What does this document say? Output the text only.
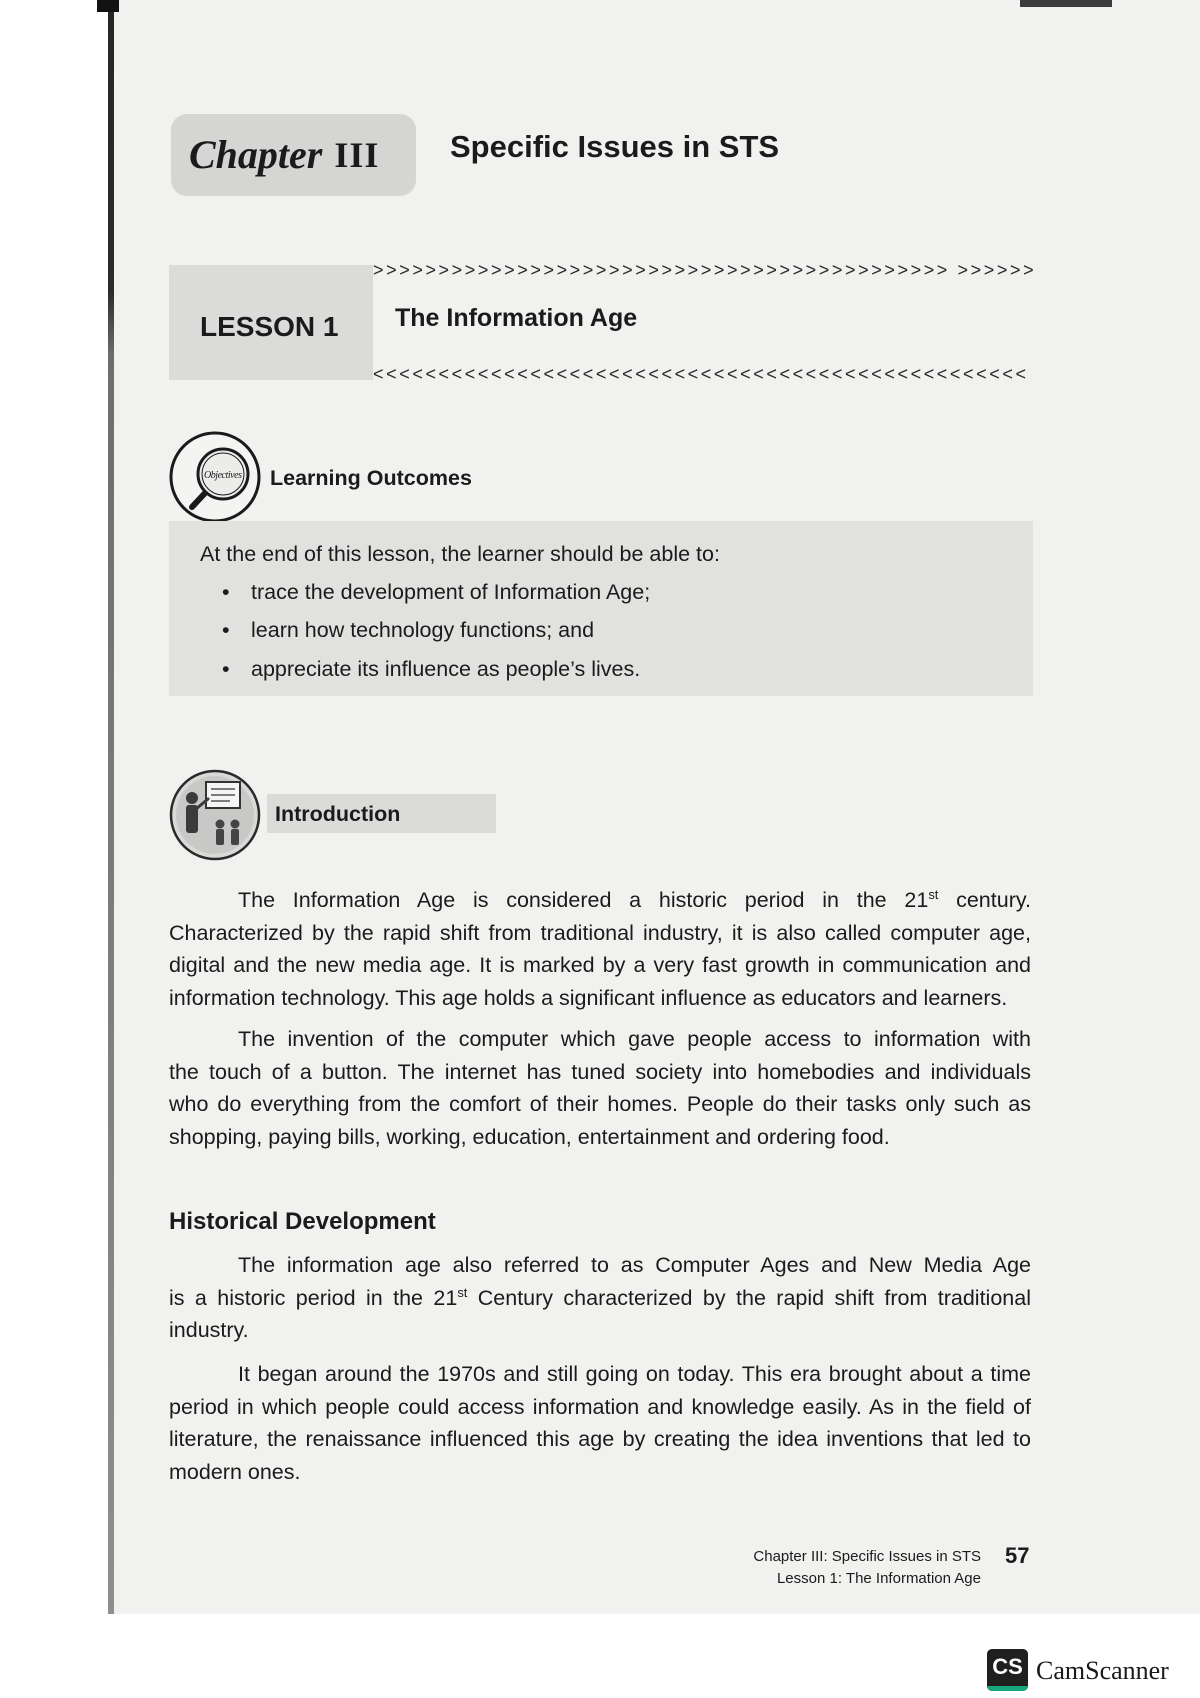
Chapter III Specific Issues in STS
LESSON 1
>>>>>>>>>>>>>>>>>>>>>>>>>>>>>>>>>>>>>>>>>>>> >>>>>>
The Information Age
<<<<<<<<<<<<<<<<<<<<<<<<<<<<<<<<<<<<<<<<<<<<<<<<<<
Objectives Learning Outcomes
At the end of this lesson, the learner should be able to:
• trace the development of Information Age;
• learn how technology functions; and
• appreciate its influence as people’s lives.
Introduction
The Information Age is considered a historic period in the 21st century.
Characterized by the rapid shift from traditional industry, it is also called computer age,
digital and the new media age. It is marked by a very fast growth in communication and
information technology. This age holds a significant influence as educators and learners.
The invention of the computer which gave people access to information with
the touch of a button. The internet has tuned society into homebodies and individuals
who do everything from the comfort of their homes. People do their tasks only such as
shopping, paying bills, working, education, entertainment and ordering food.
Historical Development
The information age also referred to as Computer Ages and New Media Age
is a historic period in the 21st Century characterized by the rapid shift from traditional
industry.
It began around the 1970s and still going on today. This era brought about a time
period in which people could access information and knowledge easily. As in the field of
literature, the renaissance influenced this age by creating the idea inventions that led to
modern ones.
Chapter III: Specific Issues in STS
Lesson 1: The Information Age
57
CS CamScanner
